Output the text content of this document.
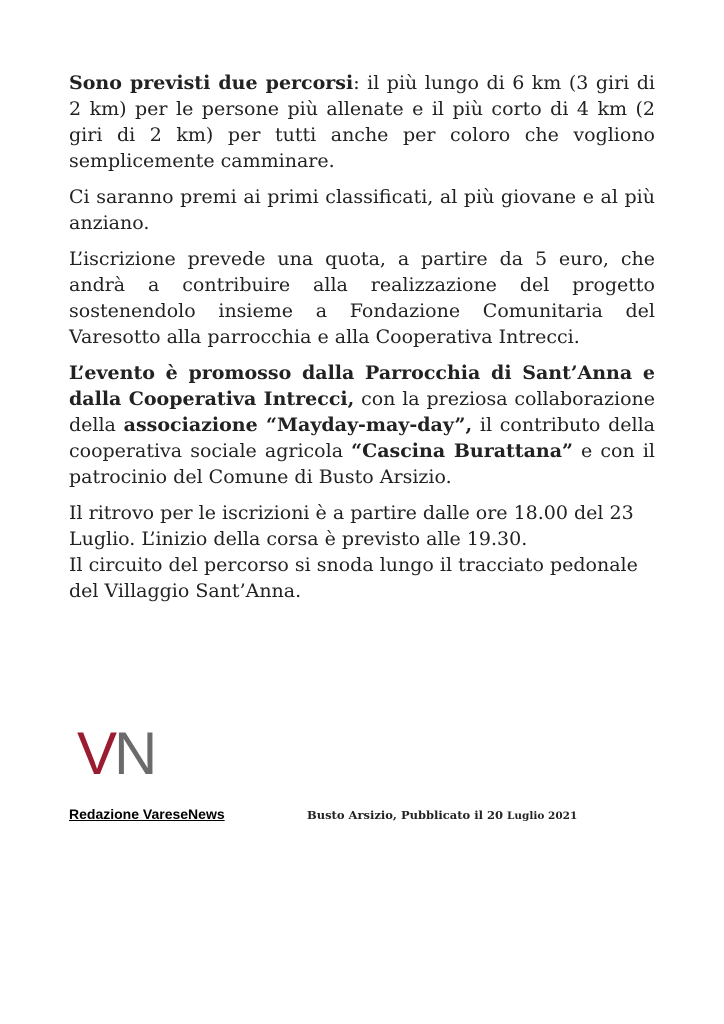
Sono previsti due percorsi: il più lungo di 6 km (3 giri di 2 km) per le persone più allenate e il più corto di 4 km (2 giri di 2 km) per tutti anche per coloro che vogliono semplicemente camminare.

Ci saranno premi ai primi classificati, al più giovane e al più anziano.

L’iscrizione prevede una quota, a partire da 5 euro, che andrà a contribuire alla realizzazione del progetto sostenendolo insieme a Fondazione Comunitaria del Varesotto alla parrocchia e alla Cooperativa Intrecci.

L’evento è promosso dalla Parrocchia di Sant’Anna e dalla Cooperativa Intrecci, con la preziosa collaborazione della associazione “Mayday-may-day”, il contributo della cooperativa sociale agricola “Cascina Burattana” e con il patrocinio del Comune di Busto Arsizio.

Il ritrovo per le iscrizioni è a partire dalle ore 18.00 del 23 Luglio. L’inizio della corsa è previsto alle 19.30.
Il circuito del percorso si snoda lungo il tracciato pedonale del Villaggio Sant’Anna.

VN
Redazione VareseNews	Busto Arsizio, Pubblicato il 20 Luglio 2021
